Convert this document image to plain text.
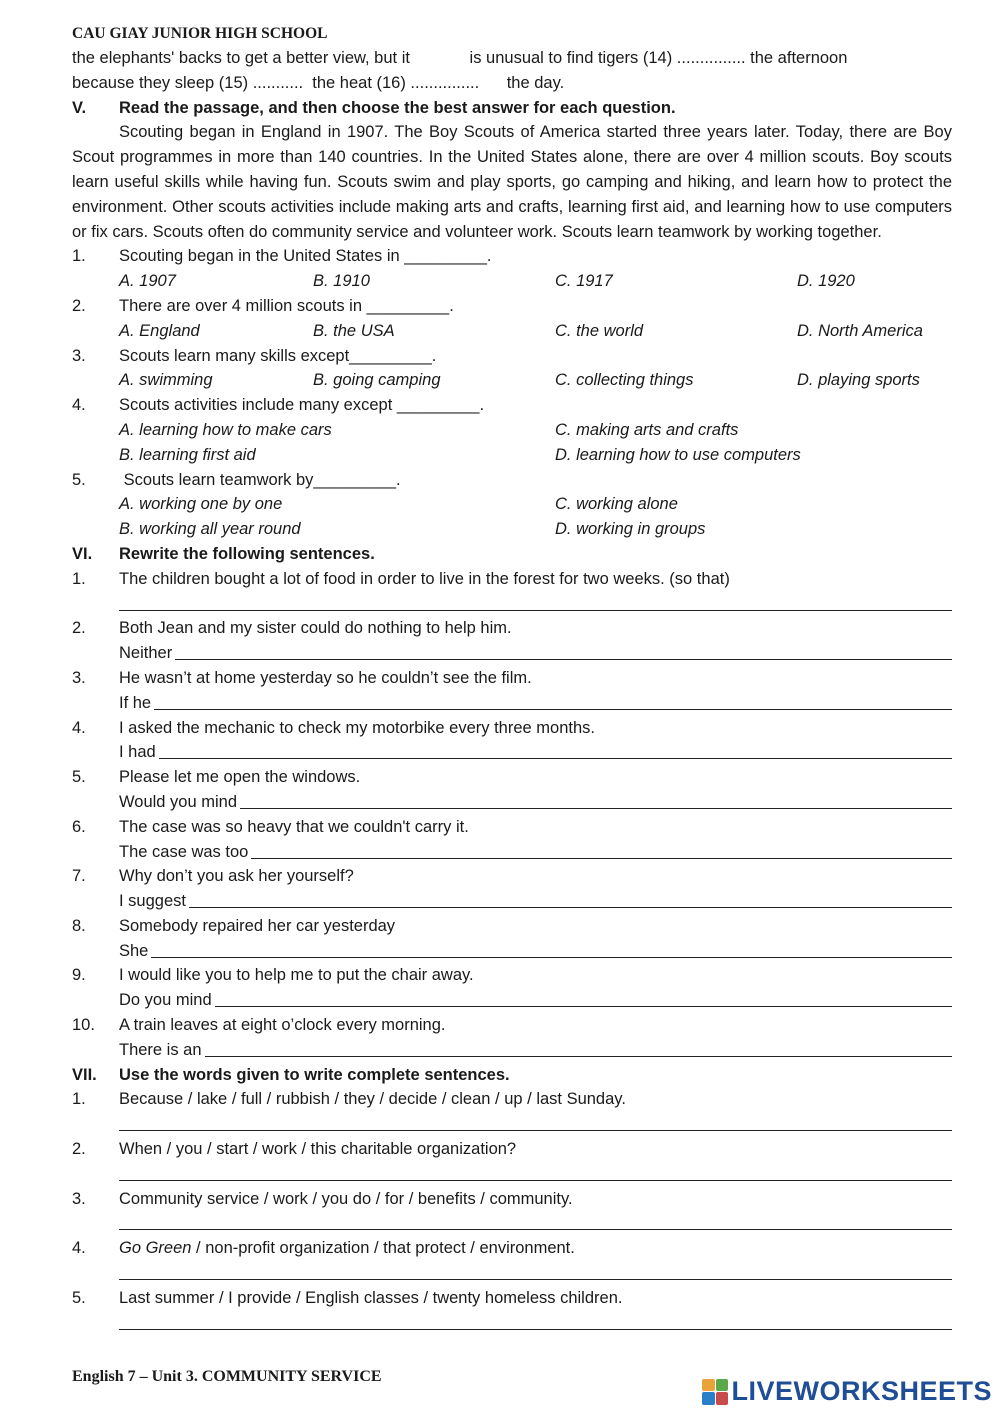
CAU GIAY JUNIOR HIGH SCHOOL
the elephants' backs to get a better view, but it             is unusual to find tigers (14) ............... the afternoon
because they sleep (15) ...........  the heat (16) ...............      the day.
V. Read the passage, and then choose the best answer for each question.

Scouting began in England in 1907. The Boy Scouts of America started three years later. Today, there are Boy Scout programmes in more than 140 countries. In the United States alone, there are over 4 million scouts. Boy scouts learn useful skills while having fun. Scouts swim and play sports, go camping and hiking, and learn how to protect the environment. Other scouts activities include making arts and crafts, learning first aid, and learning how to use computers or fix cars. Scouts often do community service and volunteer work. Scouts learn teamwork by working together.

1. Scouting began in the United States in _________.
A. 1907	B. 1910	C. 1917	D. 1920
2. There are over 4 million scouts in _________.
A. England	B. the USA	C. the world	D. North America
3. Scouts learn many skills except_________.
A. swimming	B. going camping	C. collecting things	D. playing sports
4. Scouts activities include many except _________.
A. learning how to make cars	C. making arts and crafts
B. learning first aid	D. learning how to use computers
5. Scouts learn teamwork by_________.
A. working one by one	C. working alone
B. working all year round	D. working in groups
VI. Rewrite the following sentences.
1. The children bought a lot of food in order to live in the forest for two weeks. (so that)
2. Both Jean and my sister could do nothing to help him.
Neither
3. He wasn’t at home yesterday so he couldn’t see the film.
If he
4. I asked the mechanic to check my motorbike every three months.
I had
5. Please let me open the windows.
Would you mind
6. The case was so heavy that we couldn't carry it.
The case was too
7. Why don’t you ask her yourself?
I suggest
8. Somebody repaired her car yesterday
She
9. I would like you to help me to put the chair away.
Do you mind
10. A train leaves at eight o’clock every morning.
There is an
VII. Use the words given to write complete sentences.
1. Because / lake / full / rubbish / they / decide / clean / up / last Sunday.
2. When / you / start / work / this charitable organization?
3. Community service / work / you do / for / benefits / community.
4. Go Green / non-profit organization / that protect / environment.
5. Last summer / I provide / English classes / twenty homeless children.
English 7 – Unit 3. COMMUNITY SERVICE	LIVEWORKSHEETS
